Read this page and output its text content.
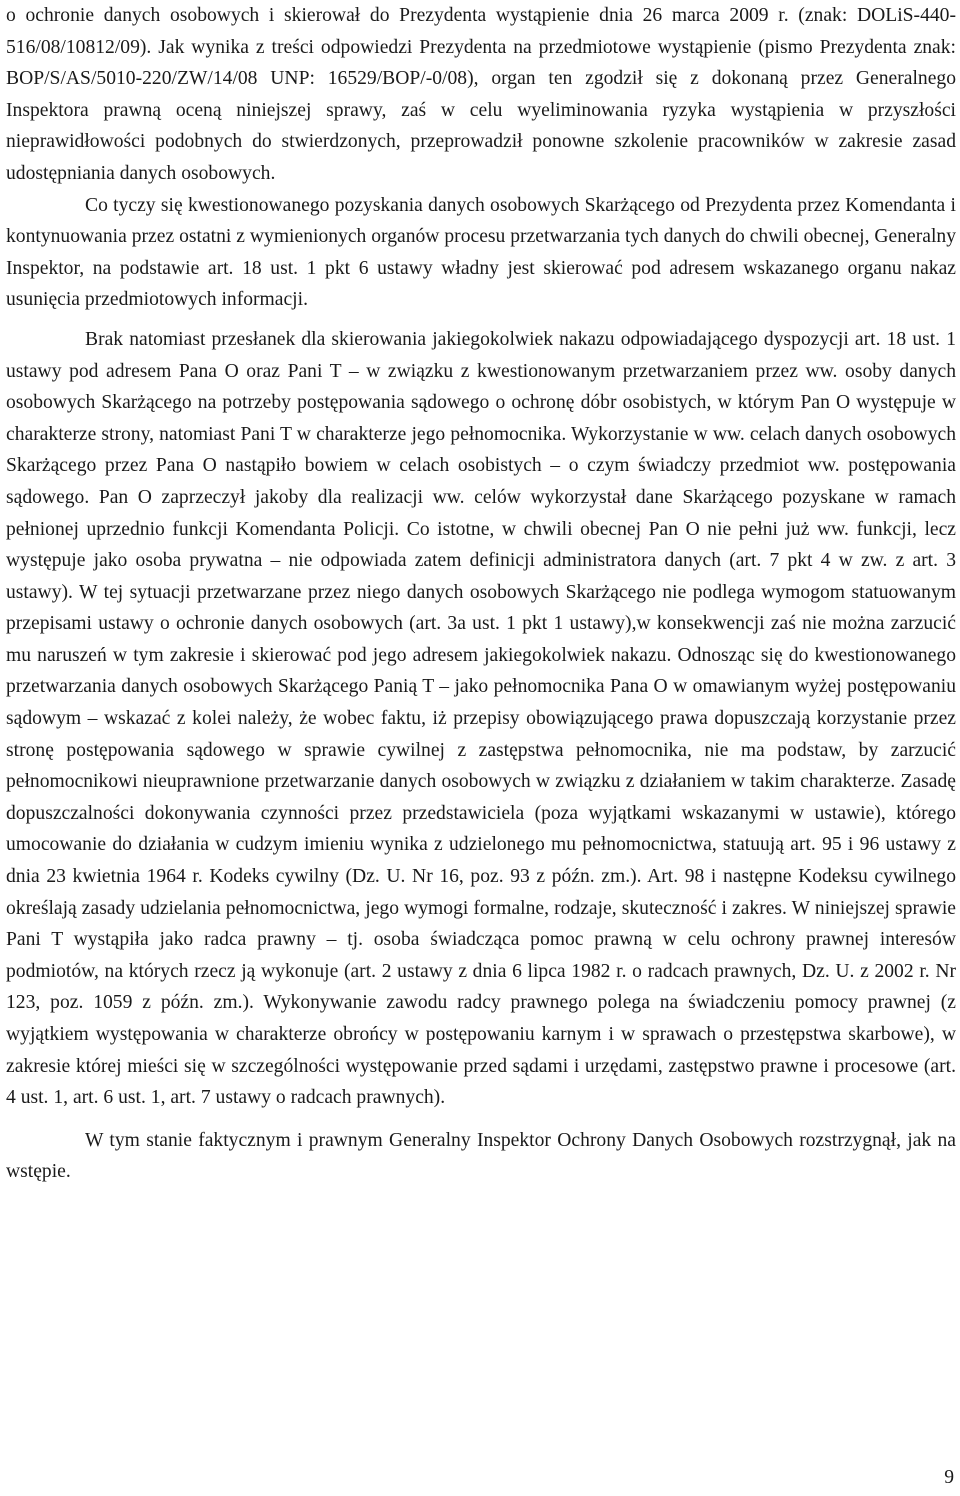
o ochronie danych osobowych i skierował do Prezydenta wystąpienie dnia 26 marca 2009 r. (znak: DOLiS-440-516/08/10812/09). Jak wynika z treści odpowiedzi Prezydenta na przedmiotowe wystąpienie (pismo Prezydenta znak: BOP/S/AS/5010-220/ZW/14/08 UNP: 16529/BOP/-0/08), organ ten zgodził się z dokonaną przez Generalnego Inspektora prawną oceną niniejszej sprawy, zaś w celu wyeliminowania ryzyka wystąpienia w przyszłości nieprawidłowości podobnych do stwierdzonych, przeprowadził ponowne szkolenie pracowników w zakresie zasad udostępniania danych osobowych.

Co tyczy się kwestionowanego pozyskania danych osobowych Skarżącego od Prezydenta przez Komendanta i kontynuowania przez ostatni z wymienionych organów procesu przetwarzania tych danych do chwili obecnej, Generalny Inspektor, na podstawie art. 18 ust. 1 pkt 6 ustawy władny jest skierować pod adresem wskazanego organu nakaz usunięcia przedmiotowych informacji.

Brak natomiast przesłanek dla skierowania jakiegokolwiek nakazu odpowiadającego dyspozycji art. 18 ust. 1 ustawy pod adresem Pana O oraz Pani T – w związku z kwestionowanym przetwarzaniem przez ww. osoby danych osobowych Skarżącego na potrzeby postępowania sądowego o ochronę dóbr osobistych, w którym Pan O występuje w charakterze strony, natomiast Pani T w charakterze jego pełnomocnika. Wykorzystanie w ww. celach danych osobowych Skarżącego przez Pana O nastąpiło bowiem w celach osobistych – o czym świadczy przedmiot ww. postępowania sądowego. Pan O zaprzeczył jakoby dla realizacji ww. celów wykorzystał dane Skarżącego pozyskane w ramach pełnionej uprzednio funkcji Komendanta Policji. Co istotne, w chwili obecnej Pan O nie pełni już ww. funkcji, lecz występuje jako osoba prywatna – nie odpowiada zatem definicji administratora danych (art. 7 pkt 4 w zw. z art. 3 ustawy). W tej sytuacji przetwarzane przez niego danych osobowych Skarżącego nie podlega wymogom statuowanym przepisami ustawy o ochronie danych osobowych (art. 3a ust. 1 pkt 1 ustawy),w konsekwencji zaś nie można zarzucić mu naruszeń w tym zakresie i skierować pod jego adresem jakiegokolwiek nakazu. Odnosząc się do kwestionowanego przetwarzania danych osobowych Skarżącego Panią T – jako pełnomocnika Pana O w omawianym wyżej postępowaniu sądowym – wskazać z kolei należy, że wobec faktu, iż przepisy obowiązującego prawa dopuszczają korzystanie przez stronę postępowania sądowego w sprawie cywilnej z zastępstwa pełnomocnika, nie ma podstaw, by zarzucić pełnomocnikowi nieuprawnione przetwarzanie danych osobowych w związku z działaniem w takim charakterze. Zasadę dopuszczalności dokonywania czynności przez przedstawiciela (poza wyjątkami wskazanymi w ustawie), którego umocowanie do działania w cudzym imieniu wynika z udzielonego mu pełnomocnictwa, statuują art. 95 i 96 ustawy z dnia 23 kwietnia 1964 r. Kodeks cywilny (Dz. U. Nr 16, poz. 93 z późn. zm.). Art. 98 i następne Kodeksu cywilnego określają zasady udzielania pełnomocnictwa, jego wymogi formalne, rodzaje, skuteczność i zakres. W niniejszej sprawie Pani T wystąpiła jako radca prawny – tj. osoba świadcząca pomoc prawną w celu ochrony prawnej interesów podmiotów, na których rzecz ją wykonuje (art. 2 ustawy z dnia 6 lipca 1982 r. o radcach prawnych, Dz. U. z 2002 r. Nr 123, poz. 1059 z późn. zm.). Wykonywanie zawodu radcy prawnego polega na świadczeniu pomocy prawnej (z wyjątkiem występowania w charakterze obrońcy w postępowaniu karnym i w sprawach o przestępstwa skarbowe), w zakresie której mieści się w szczególności występowanie przed sądami i urzędami, zastępstwo prawne i procesowe (art. 4 ust. 1, art. 6 ust. 1, art. 7 ustawy o radcach prawnych).

W tym stanie faktycznym i prawnym Generalny Inspektor Ochrony Danych Osobowych rozstrzygnął, jak na wstępie.

9
